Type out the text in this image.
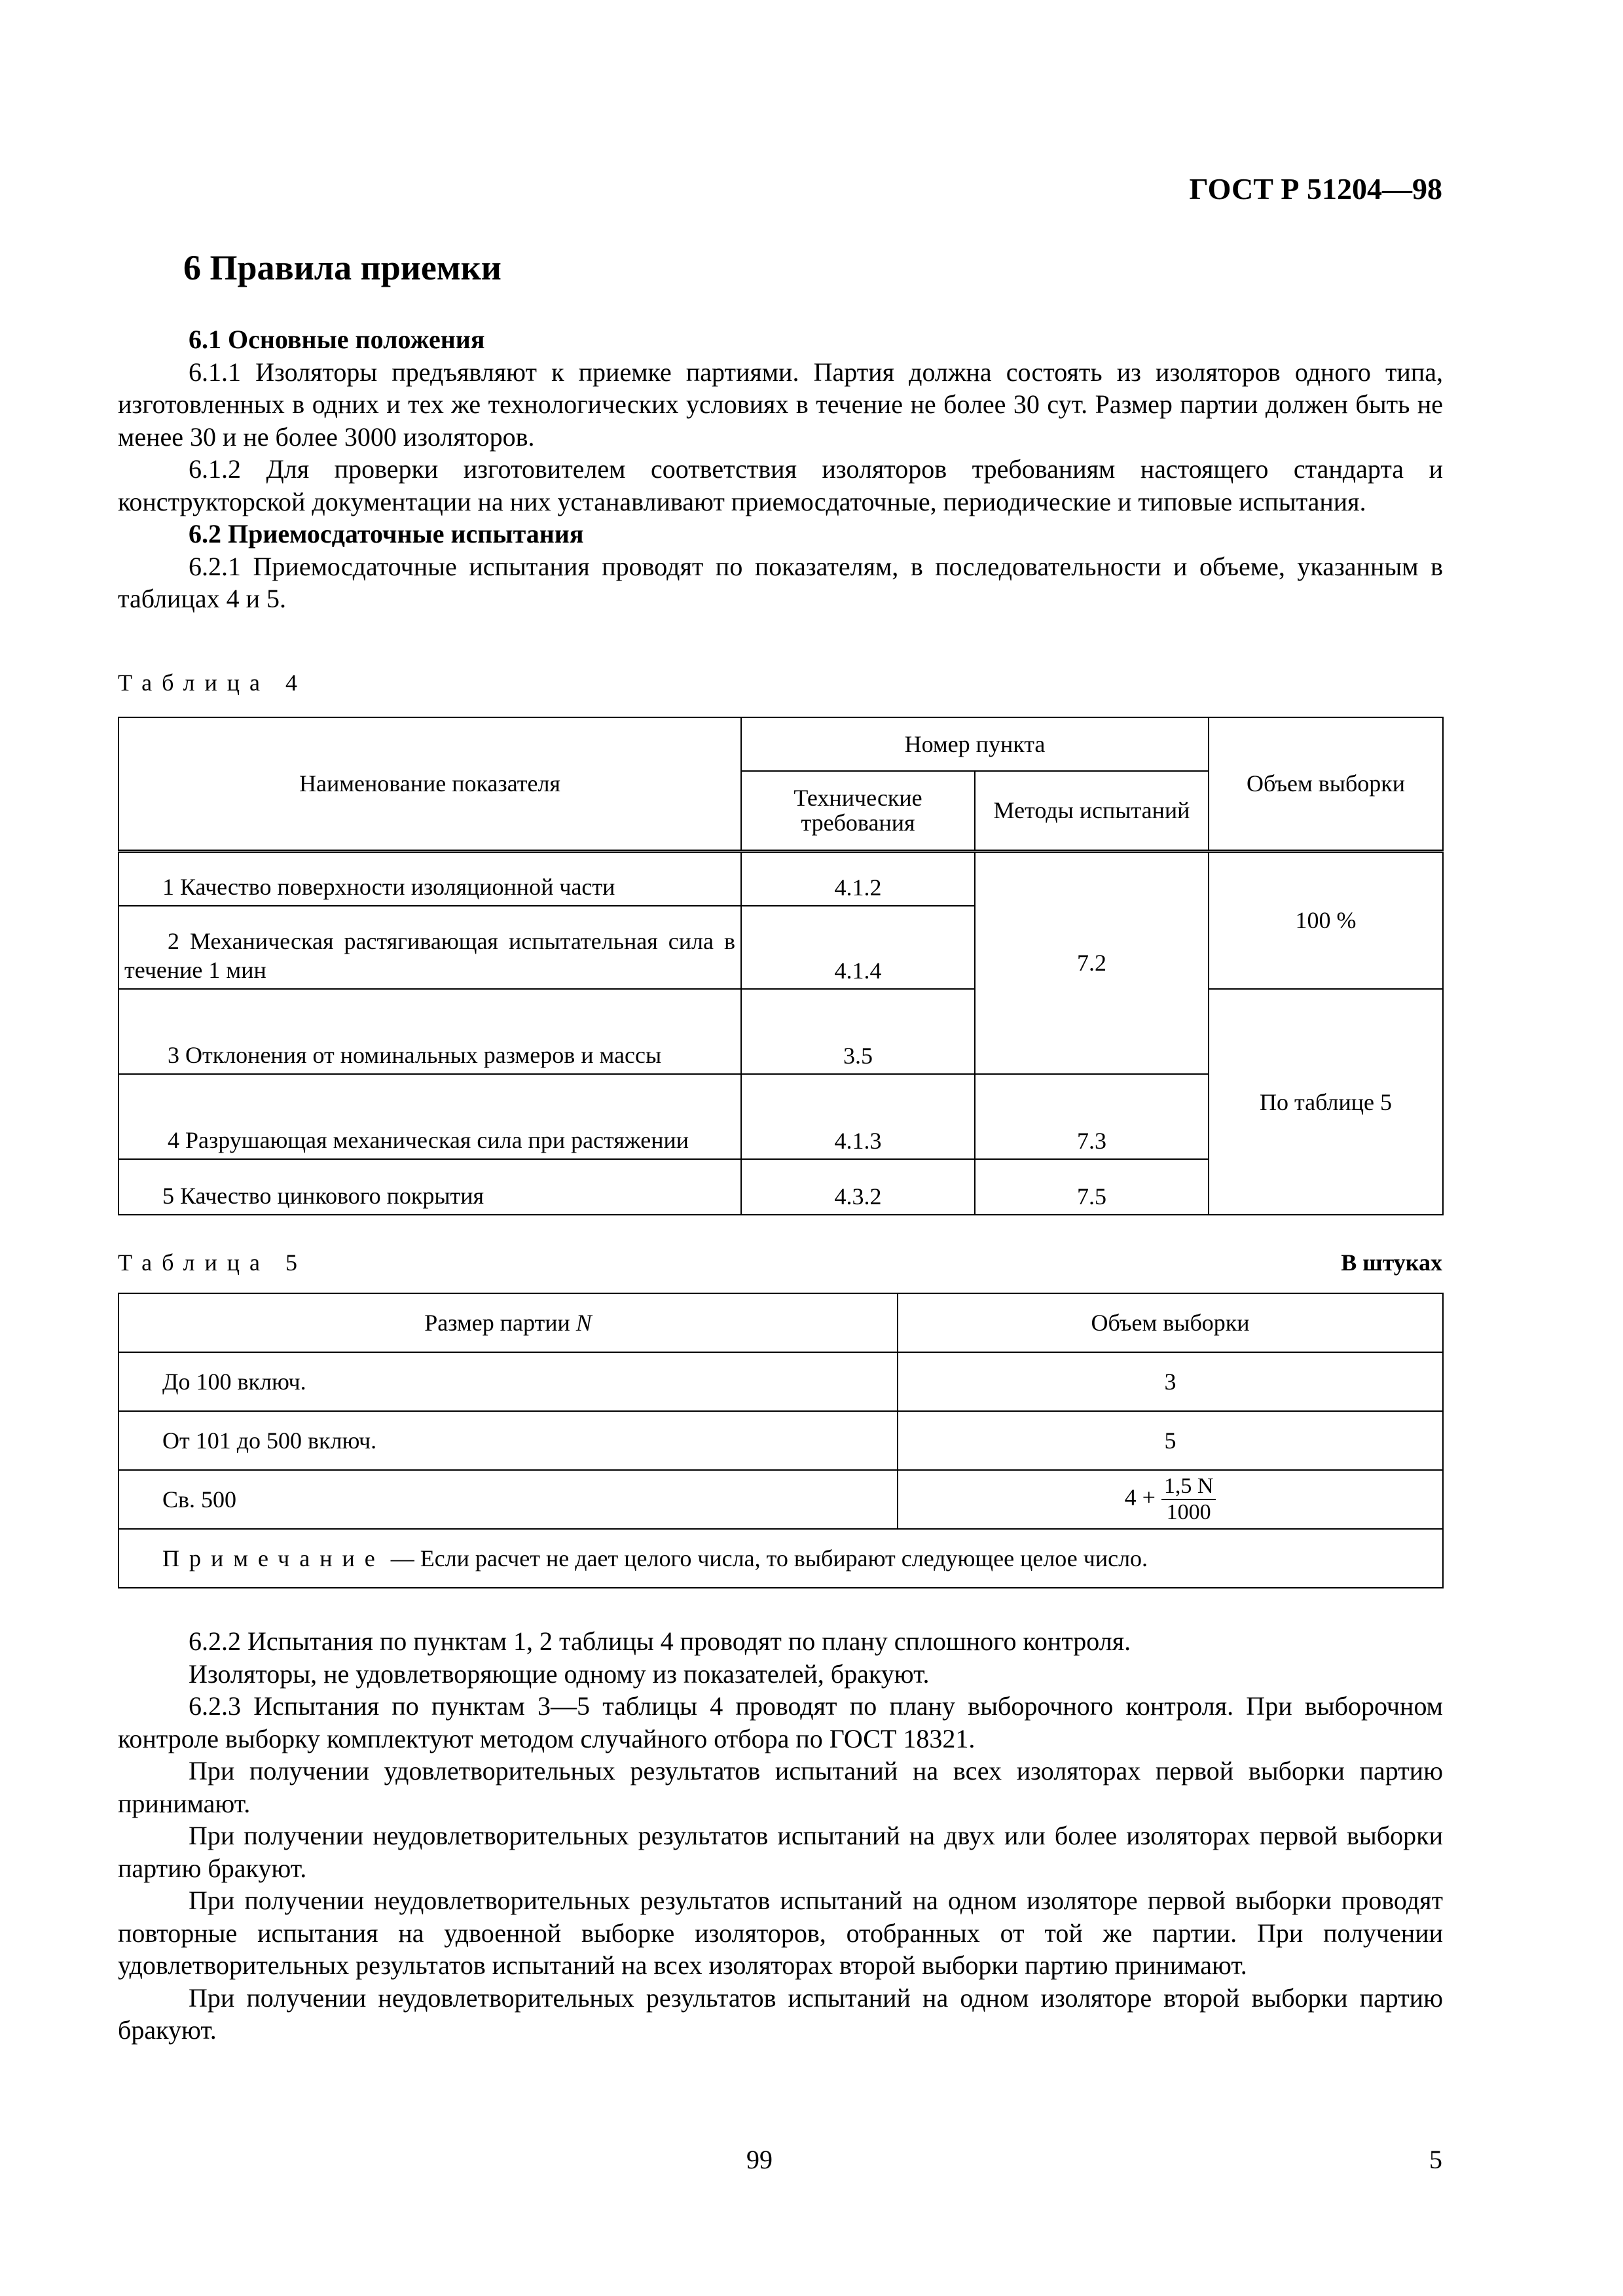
ГОСТ Р 51204—98
6 Правила приемки

6.1 Основные положения

6.1.1 Изоляторы предъявляют к приемке партиями. Партия должна состоять из изоляторов одного типа, изготовленных в одних и тех же технологических условиях в течение не более 30 сут. Размер партии должен быть не менее 30 и не более 3000 изоляторов.

6.1.2 Для проверки изготовителем соответствия изоляторов требованиям настоящего стандарта и конструкторской документации на них устанавливают приемосдаточные, периодические и типовые испытания.

6.2 Приемосдаточные испытания

6.2.1 Приемосдаточные испытания проводят по показателям, в последовательности и объеме, указанным в таблицах 4 и 5.

Таблица 4
Наименование показателя	Номер пункта		Объем выборки
	Технические требования	Методы испытаний	
1 Качество поверхности изоляционной части	4.1.2	7.2	100 %
2 Механическая растягивающая испытательная сила в течение 1 мин	4.1.4		
3 Отклонения от номинальных размеров и массы	3.5		По таблице 5
4 Разрушающая механическая сила при растяжении	4.1.3	7.3	
5 Качество цинкового покрытия	4.3.2	7.5	
Таблица 5	В штуках
Размер партии N	Объем выборки
До 100 включ.	3
От 101 до 500 включ.	5
Св. 500	$4 + \frac{1,5 N}{1000}$

Примечание — Если расчет не дает целого числа, то выбирают следующее целое число.	

6.2.2 Испытания по пунктам 1, 2 таблицы 4 проводят по плану сплошного контроля.

Изоляторы, не удовлетворяющие одному из показателей, бракуют.

6.2.3 Испытания по пунктам 3—5 таблицы 4 проводят по плану выборочного контроля. При выборочном контроле выборку комплектуют методом случайного отбора по ГОСТ 18321.

При получении удовлетворительных результатов испытаний на всех изоляторах первой выборки партию принимают.

При получении неудовлетворительных результатов испытаний на двух или более изоляторах первой выборки партию бракуют.

При получении неудовлетворительных результатов испытаний на одном изоляторе первой выборки проводят повторные испытания на удвоенной выборке изоляторов, отобранных от той же партии. При получении удовлетворительных результатов испытаний на всех изоляторах второй выборки партию принимают.

При получении неудовлетворительных результатов испытаний на одном изоляторе второй выборки партию бракуют.

99	5
